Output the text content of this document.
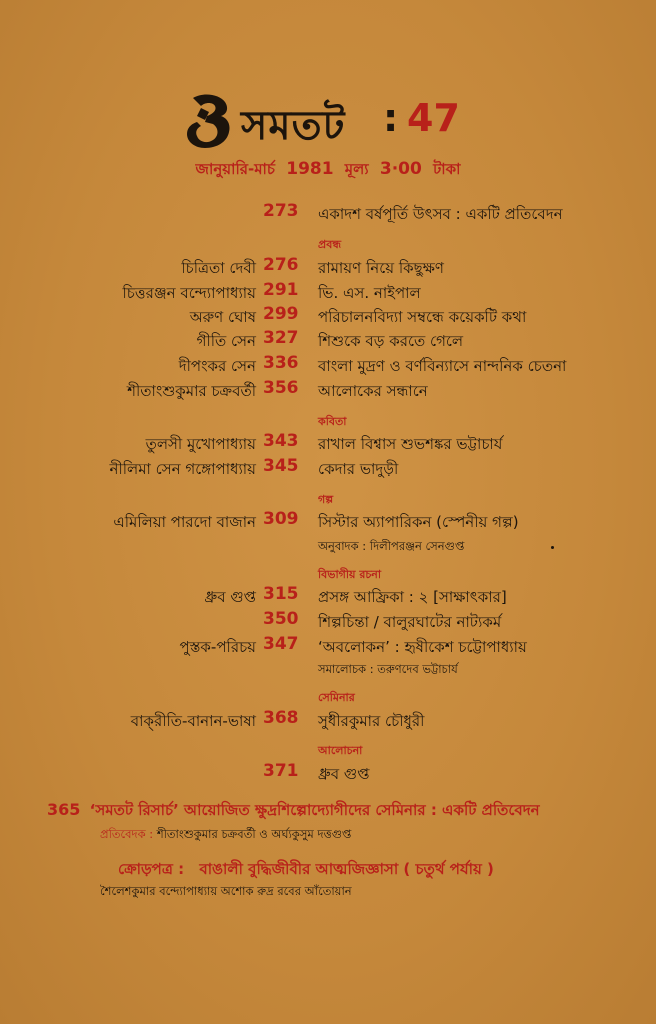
সমতট : 47
জানুয়ারি-মার্চ 1981 মূল্য 3·00 টাকা
273	একাদশ বর্ষপূর্তি উৎসব : একটি প্রতিবেদন
প্রবন্ধ
চিত্রিতা দেবী 276	রামায়ণ নিয়ে কিছুক্ষণ
চিত্তরঞ্জন বন্দ্যোপাধ্যায় 291	ভি. এস. নাইপাল
অরুণ ঘোষ 299	পরিচালনবিদ্যা সম্বন্ধে কয়েকটি কথা
গীতি সেন 327	শিশুকে বড় করতে গেলে
দীপংকর সেন 336	বাংলা মুদ্রণ ও বর্ণবিন্যাসে নান্দনিক চেতনা
শীতাংশুকুমার চক্রবর্তী 356	আলোকের সন্ধানে
কবিতা
তুলসী মুখোপাধ্যায় 343	রাখাল বিশ্বাস শুভশঙ্কর ভট্টাচার্য
নীলিমা সেন গঙ্গোপাধ্যায় 345	কেদার ভাদুড়ী
গল্প
এমিলিয়া পারদো বাজান 309	সিস্টার অ্যাপারিকন (স্পেনীয় গল্প)
অনুবাদক : দিলীপরঞ্জন সেনগুপ্ত
বিভাগীয় রচনা
ধ্রুব গুপ্ত 315	প্রসঙ্গ আফ্রিকা : ২ [সাক্ষাৎকার]
350	শিল্পচিন্তা / বালুরঘাটের নাট্যকর্ম
পুস্তক-পরিচয় 347	‘অবলোকন’ : হৃষীকেশ চট্টোপাধ্যায়
সমালোচক : তরুণদেব ভট্টাচার্য
সেমিনার
বাক্‌রীতি-বানান-ভাষা 368	সুধীরকুমার চৌধুরী
আলোচনা
371	ধ্রুব গুপ্ত
365 ‘সমতট রিসার্চ’ আয়োজিত ক্ষুদ্রশিল্পোদ্যোগীদের সেমিনার : একটি প্রতিবেদন
প্রতিবেদক : শীতাংশুকুমার চক্রবর্তী ও অর্ঘ্যকুসুম দত্তগুপ্ত
ক্রোড়পত্র : বাঙালী বুদ্ধিজীবীর আত্মজিজ্ঞাসা ( চতুর্থ পর্যায় )
শৈলেশকুমার বন্দ্যোপাধ্যায় অশোক রুদ্র রবের আঁতোয়ান
